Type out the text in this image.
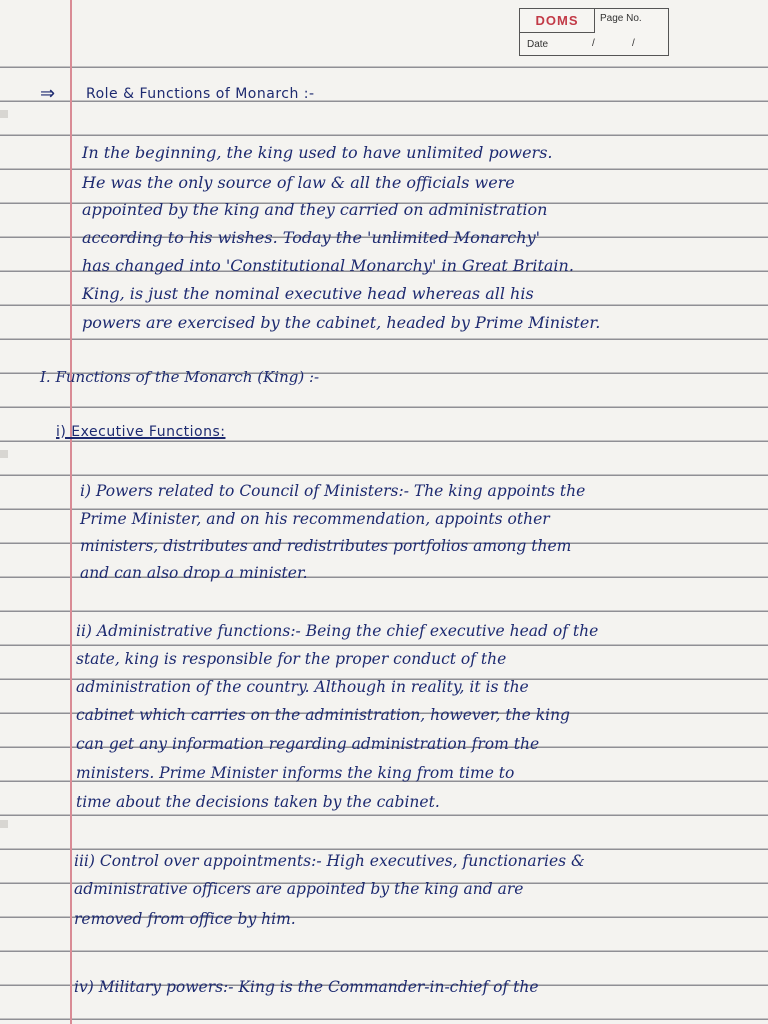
DOMS	Page No.
Date	/	/
⇒ Role & Functions of Monarch :-
In the beginning, the king used to have unlimited powers.
He was the only source of law & all the officials were
appointed by the king and they carried on administration
according to his wishes. Today the 'unlimited Monarchy'
has changed into 'Constitutional Monarchy' in Great Britain.
King, is just the nominal executive head whereas all his
powers are exercised by the cabinet, headed by Prime Minister.
I. Functions of the Monarch (King) :-
i) Executive Functions:
i) Powers related to Council of Ministers:- The king appoints the
Prime Minister, and on his recommendation, appoints other
ministers, distributes and redistributes portfolios among them
and can also drop a minister.
ii) Administrative functions:- Being the chief executive head of the
state, king is responsible for the proper conduct of the
administration of the country. Although in reality, it is the
cabinet which carries on the administration, however, the king
can get any information regarding administration from the
ministers. Prime Minister informs the king from time to
time about the decisions taken by the cabinet.
iii) Control over appointments:- High executives, functionaries &
administrative officers are appointed by the king and are
removed from office by him.
iv) Military powers:- King is the Commander-in-chief of the
